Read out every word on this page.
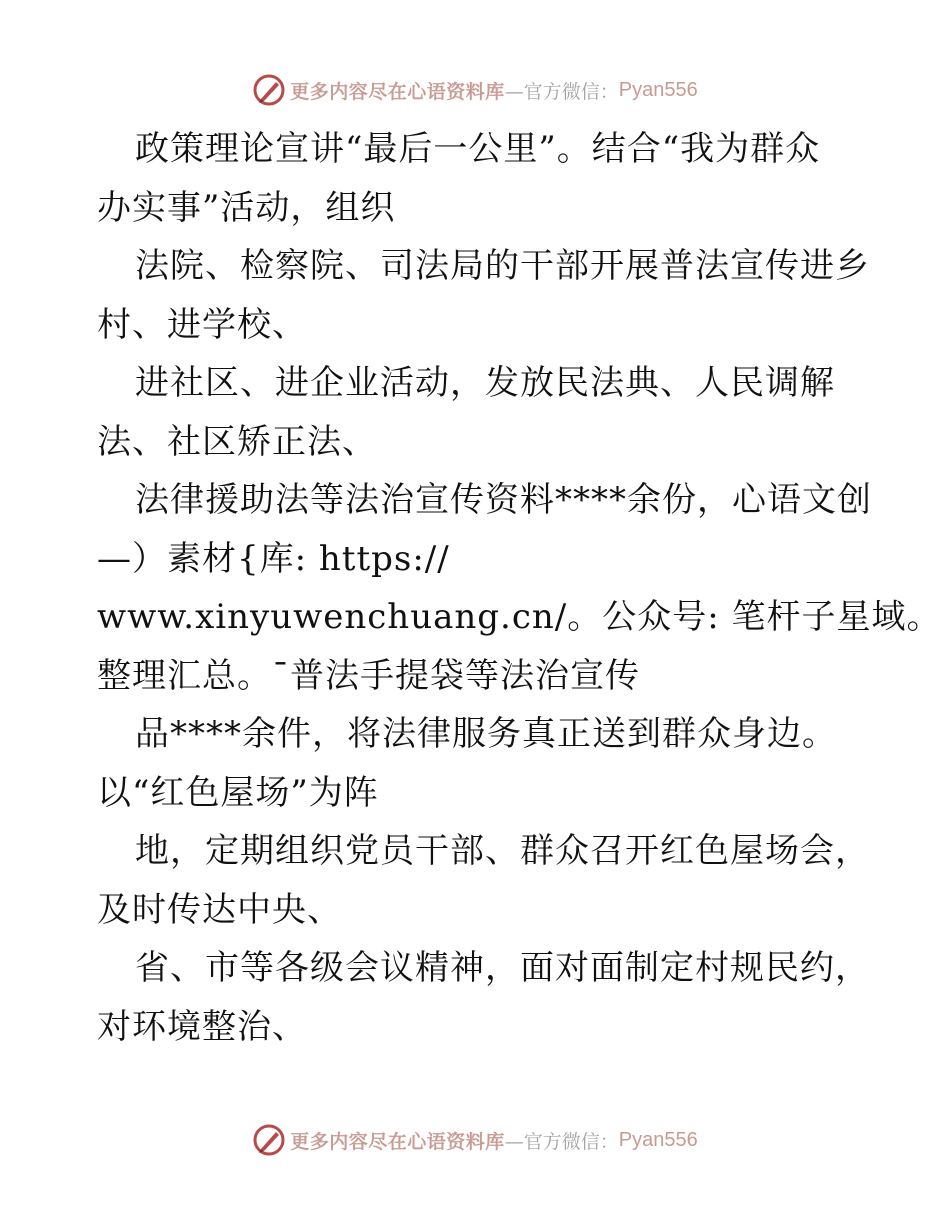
更多内容尽在心语资料库 —官方微信： Pyan556

政策理论宣讲“最后一公里”。结合“我为群众

办实事”活动，组织

法院、检察院、司法局的干部开展普法宣传进乡

村、进学校、

进社区、进企业活动，发放民法典、人民调解

法、社区矫正法、

法律援助法等法治宣传资料****余份，心语文创

—）素材{库: https://

www.xinyuwenchuang.cn/。公众号: 笔杆子星域。

整理汇总。¯普法手提袋等法治宣传

品****余件，将法律服务真正送到群众身边。

以“红色屋场”为阵

地，定期组织党员干部、群众召开红色屋场会，

及时传达中央、

省、市等各级会议精神，面对面制定村规民约，

对环境整治、

更多内容尽在心语资料库 —官方微信： Pyan556
